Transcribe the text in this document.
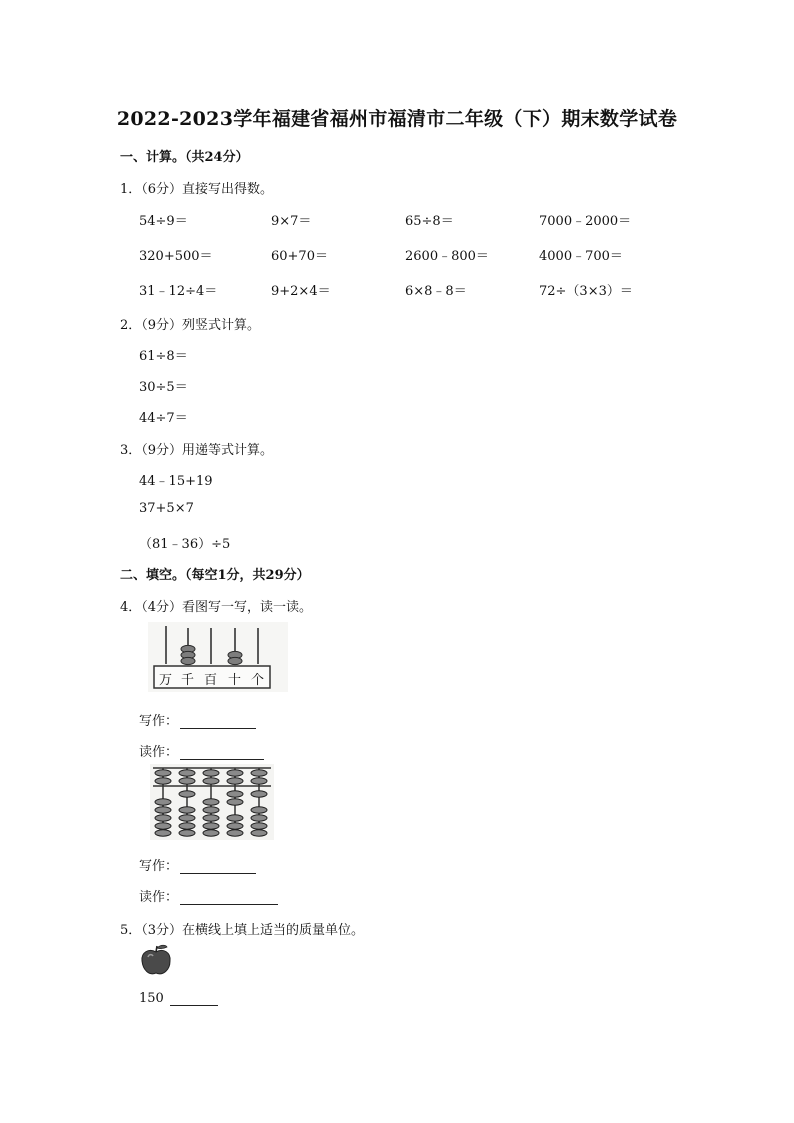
2022-2023学年福建省福州市福清市二年级（下）期末数学试卷
一、计算。（共24分）
1．（6分）直接写出得数。
54÷9＝	9×7＝	65÷8＝	7000﹣2000＝
320+500＝	60+70＝	2600﹣800＝	4000﹣700＝
31﹣12÷4＝	9+2×4＝	6×8﹣8＝	72÷（3×3）＝
2．（9分）列竖式计算。
61÷8＝
30÷5＝
44÷7＝
3．（9分）用递等式计算。
44﹣15+19
37+5×7
（81﹣36）÷5
二、填空。（每空1分，共29分）
4．（4分）看图写一写，读一读。
万 千 百 十 个
写作：
读作：
写作：
读作：
5．（3分）在横线上填上适当的质量单位。
150
